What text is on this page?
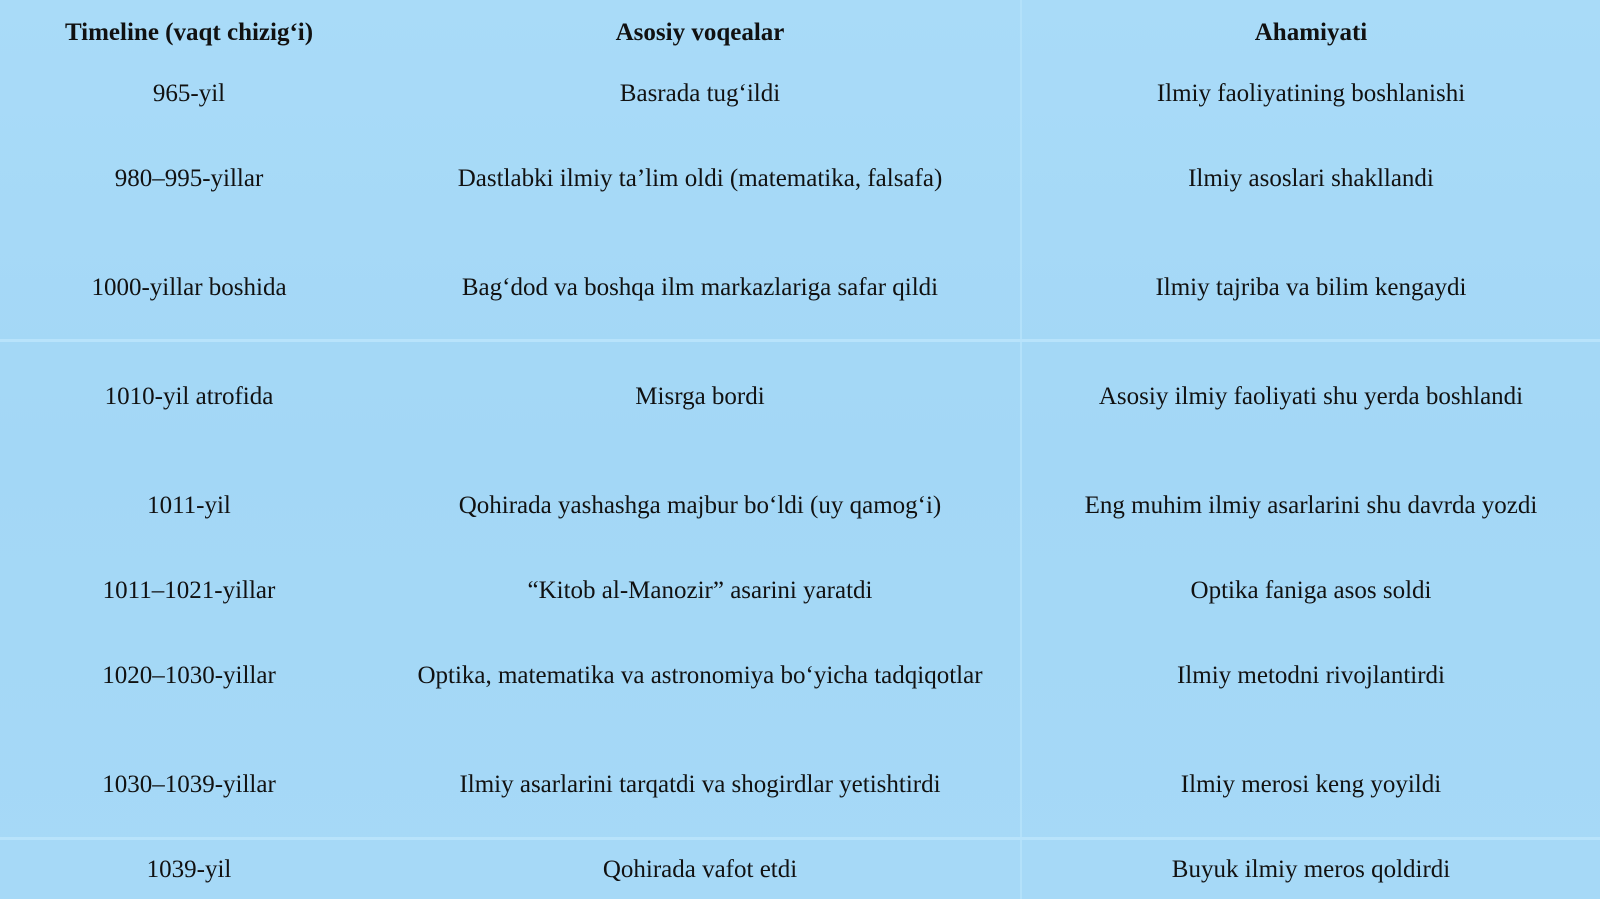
Timeline (vaqt chizig‘i)	Asosiy voqealar	Ahamiyati
965-yil	Basrada tug‘ildi	Ilmiy faoliyatining boshlanishi
980–995-yillar	Dastlabki ilmiy ta’lim oldi (matematika, falsafa)	Ilmiy asoslari shakllandi
1000-yillar boshida	Bag‘dod va boshqa ilm markazlariga safar qildi	Ilmiy tajriba va bilim kengaydi
1010-yil atrofida	Misrga bordi	Asosiy ilmiy faoliyati shu yerda boshlandi
1011-yil	Qohirada yashashga majbur bo‘ldi (uy qamog‘i)	Eng muhim ilmiy asarlarini shu davrda yozdi
1011–1021-yillar	“Kitob al-Manozir” asarini yaratdi	Optika faniga asos soldi
1020–1030-yillar	Optika, matematika va astronomiya bo‘yicha tadqiqotlar	Ilmiy metodni rivojlantirdi
1030–1039-yillar	Ilmiy asarlarini tarqatdi va shogirdlar yetishtirdi	Ilmiy merosi keng yoyildi
1039-yil	Qohirada vafot etdi	Buyuk ilmiy meros qoldirdi
